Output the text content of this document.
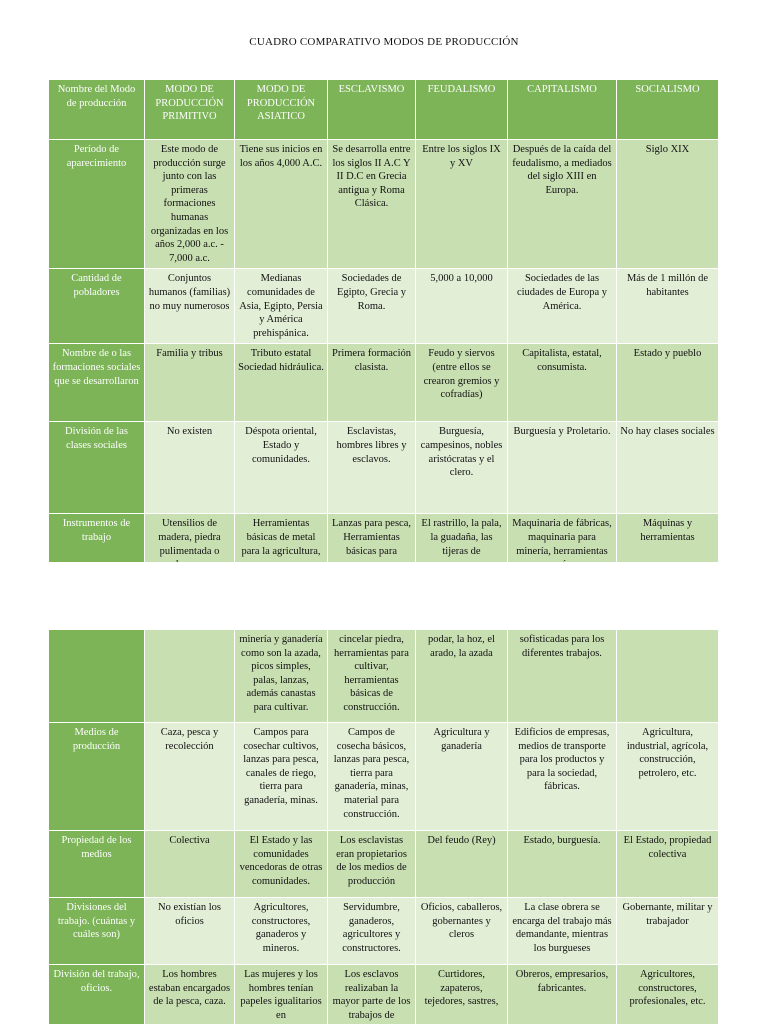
CUADRO COMPARATIVO MODOS DE PRODUCCIÓN
Nombre del Modo de producción	MODO DE PRODUCCIÓN PRIMITIVO	MODO DE PRODUCCIÓN ASIATICO	ESCLAVISMO	FEUDALISMO	CAPITALISMO	SOCIALISMO
Período de aparecimiento	Este modo de producción surge junto con las primeras formaciones humanas organizadas en los años 2,000 a.c. - 7,000 a.c.	Tiene sus inicios en los años 4,000 A.C.	Se desarrolla entre los siglos II A.C Y II D.C en Grecia antigua y Roma Clásica.	Entre los siglos IX y XV	Después de la caída del feudalismo, a mediados del siglo XIII en Europa.	Siglo XIX
Cantidad de pobladores	Conjuntos humanos (familias) no muy numerosos	Medianas comunidades de Asia, Egipto, Persia y América prehispánica.	Sociedades de Egipto, Grecia y Roma.	5,000 a 10,000	Sociedades de las ciudades de Europa y América.	Más de 1 millón de habitantes
Nombre de o las formaciones sociales que se desarrollaron	Familia y tribus	Tributo estatal Sociedad hidráulica.	Primera formación clasista.	Feudo y siervos (entre ellos se crearon gremios y cofradías)	Capitalista, estatal, consumista.	Estado y pueblo
División de las clases sociales	No existen	Déspota oriental, Estado y comunidades.	Esclavistas, hombres libres y esclavos.	Burguesía, campesinos, nobles aristócratas y el clero.	Burguesía y Proletario.	No hay clases sociales
Instrumentos de trabajo	Utensilios de madera, piedra pulimentada o	Herramientas básicas de metal para la agricultura,	Lanzas para pesca, Herramientas básicas para	El rastrillo, la pala, la guadaña, las tijeras de	Maquinaria de fábricas, maquinaria para minería, herramientas	Máquinas y herramientas
		minería y ganadería como son la azada, picos simples, palas, lanzas, además canastas para cultivar.	cincelar piedra, herramientas para cultivar, herramientas básicas de construcción.	podar, la hoz, el arado, la azada	sofisticadas para los diferentes trabajos.	
Medios de producción	Caza, pesca y recolección	Campos para cosechar cultivos, lanzas para pesca, canales de riego, tierra para ganadería, minas.	Campos de cosecha básicos, lanzas para pesca, tierra para ganadería, minas, material para construcción.	Agricultura y ganadería	Edificios de empresas, medios de transporte para los productos y para la sociedad, fábricas.	Agricultura, industrial, agrícola, construcción, petrolero, etc.
Propiedad de los medios	Colectiva	El Estado y las comunidades vencedoras de otras comunidades.	Los esclavistas eran propietarios de los medios de producción	Del feudo (Rey)	Estado, burguesía.	El Estado, propiedad colectiva
Divisiones del trabajo. (cuántas y cuáles son)	No existían los oficios	Agricultores, constructores, ganaderos y mineros.	Servidumbre, ganaderos, agricultores y constructores.	Oficios, caballeros, gobernantes y cleros	La clase obrera se encarga del trabajo más demandante, mientras los burgueses	Gobernante, militar y trabajador
División del trabajo, oficios.	Los hombres estaban encargados de la pesca, caza.	Las mujeres y los hombres tenían papeles igualitarios en	Los esclavos realizaban la mayor parte de los trabajos de	Curtidores, zapateros, tejedores, sastres,	Obreros, empresarios, fabricantes.	Agricultores, constructores, profesionales, etc.
